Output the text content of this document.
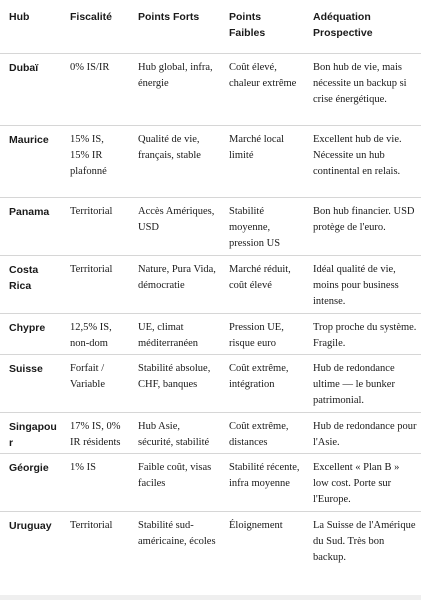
Hub	Fiscalité	Points Forts	Points Faibles	Adéquation Prospective
Dubaï	0% IS/IR	Hub global, infra, énergie	Coût élevé, chaleur extrême	Bon hub de vie, mais nécessite un backup si crise énergétique.
Maurice	15% IS, 15% IR plafonné	Qualité de vie, français, stable	Marché local limité	Excellent hub de vie. Nécessite un hub continental en relais.
Panama	Territorial	Accès Amériques, USD	Stabilité moyenne, pression US	Bon hub financier. USD protège de l'euro.
Costa Rica	Territorial	Nature, Pura Vida, démocratie	Marché réduit, coût élevé	Idéal qualité de vie, moins pour business intense.
Chypre	12,5% IS, non-dom	UE, climat méditerranéen	Pression UE, risque euro	Trop proche du système. Fragile.
Suisse	Forfait / Variable	Stabilité absolue, CHF, banques	Coût extrême, intégration	Hub de redondance ultime — le bunker patrimonial.
Singapour	17% IS, 0% IR résidents	Hub Asie, sécurité, stabilité	Coût extrême, distances	Hub de redondance pour l'Asie.
Géorgie	1% IS	Faible coût, visas faciles	Stabilité récente, infra moyenne	Excellent « Plan B » low cost. Porte sur l'Europe.
Uruguay	Territorial	Stabilité sud-américaine, écoles	Éloignement	La Suisse de l'Amérique du Sud. Très bon backup.
